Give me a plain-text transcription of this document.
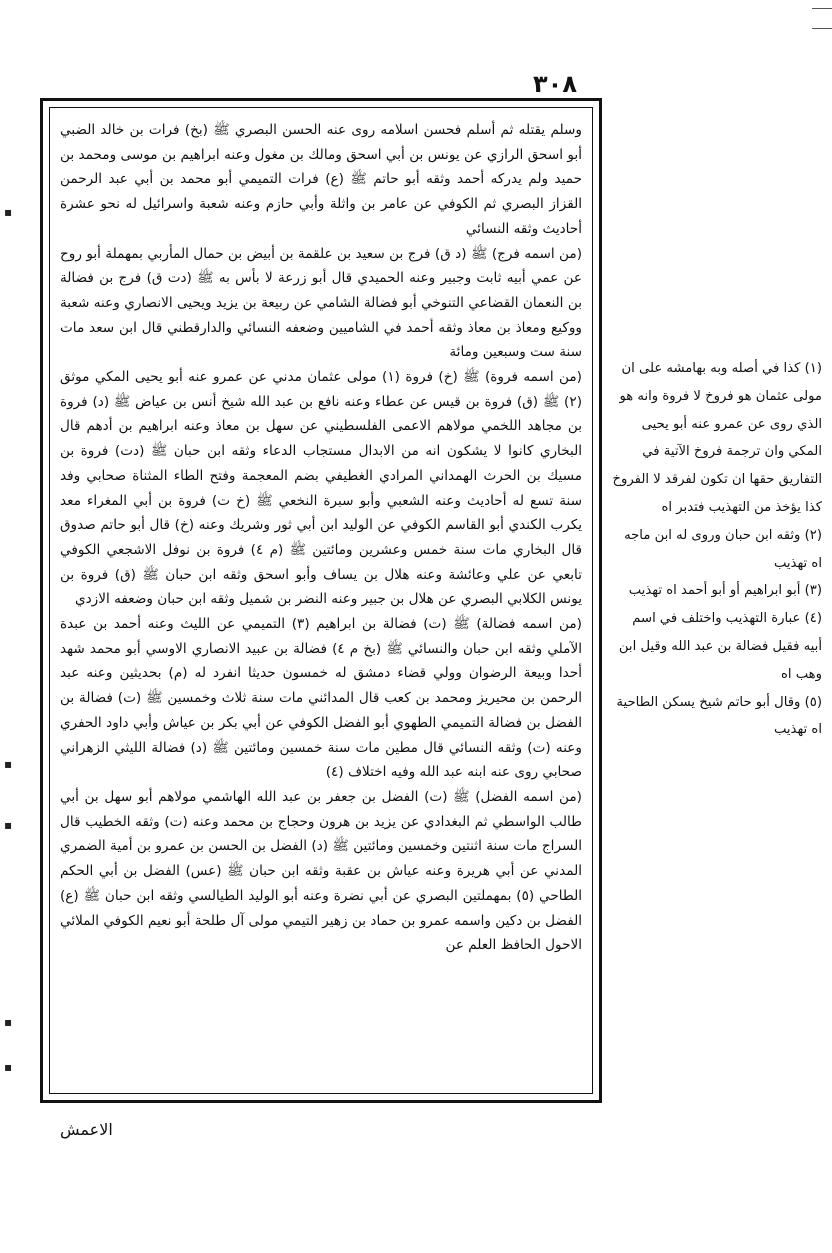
٣٠٨

وسلم يقتله ثم أسلم فحسن اسلامه روى عنه الحسن البصري ﷺ (بخ) فرات بن خالد الضبي أبو اسحق الرازي عن يونس بن أبي اسحق ومالك بن مغول وعنه ابراهيم بن موسى ومحمد بن حميد ولم يدركه أحمد وثقه أبو حاتم ﷺ (ع) فرات التميمي أبو محمد بن أبي عبد الرحمن القزاز البصري ثم الكوفي عن عامر بن واثلة وأبي حازم وعنه شعبة واسرائيل له نحو عشرة أحاديث وثقه النسائي

(من اسمه فرج) ﷺ (د ق) فرج بن سعيد بن علقمة بن أبيض بن حمال المأربي بمهملة أبو روح عن عمي أبيه ثابت وجبير وعنه الحميدي قال أبو زرعة لا بأس به ﷺ (دت ق) فرج بن فضالة بن النعمان القضاعي التنوخي أبو فضالة الشامي عن ربيعة بن يزيد ويحيى الانصاري وعنه شعبة ووكيع ومعاذ بن معاذ وثقه أحمد في الشاميين وضعفه النسائي والدارقطني قال ابن سعد مات سنة ست وسبعين ومائة

(من اسمه فروة) ﷺ (خ) فروة (١) مولى عثمان مدني عن عمرو عنه أبو يحيى المكي موثق (٢) ﷺ (ق) فروة بن قيس عن عطاء وعنه نافع بن عبد الله شيخ أنس بن عياض ﷺ (د) فروة بن مجاهد اللخمي مولاهم الاعمى الفلسطيني عن سهل بن معاذ وعنه ابراهيم بن أدهم قال البخاري كانوا لا يشكون انه من الابدال مستجاب الدعاء وثقه ابن حبان ﷺ (دت) فروة بن مسيك بن الحرث الهمداني المرادي الغطيفي بضم المعجمة وفتح الطاء المثناة صحابي وفد سنة تسع له أحاديث وعنه الشعبي وأبو سبرة النخعي ﷺ (خ ت) فروة بن أبي المغراء معد يكرب الكندي أبو القاسم الكوفي عن الوليد ابن أبي ثور وشريك وعنه (خ) قال أبو حاتم صدوق قال البخاري مات سنة خمس وعشرين ومائتين ﷺ (م ٤) فروة بن نوفل الاشجعي الكوفي تابعي عن علي وعائشة وعنه هلال بن يساف وأبو اسحق وثقه ابن حبان ﷺ (ق) فروة بن يونس الكلابي البصري عن هلال بن جبير وعنه النضر بن شميل وثقه ابن حبان وضعفه الازدي

(من اسمه فضالة) ﷺ (ت) فضالة بن ابراهيم (٣) التميمي عن الليث وعنه أحمد بن عبدة الآملي وثقه ابن حبان والنسائي ﷺ (بخ م ٤) فضالة بن عبيد الانصاري الاوسي أبو محمد شهد أحدا وبيعة الرضوان وولي قضاء دمشق له خمسون حديثا انفرد له (م) بحديثين وعنه عبد الرحمن بن محيريز ومحمد بن كعب قال المدائني مات سنة ثلاث وخمسين ﷺ (ت) فضالة بن الفضل بن فضالة التميمي الطهوي أبو الفضل الكوفي عن أبي بكر بن عياش وأبي داود الحفري وعنه (ت) وثقه النسائي قال مطين مات سنة خمسين ومائتين ﷺ (د) فضالة الليثي الزهراني صحابي روى عنه ابنه عبد الله وفيه اختلاف (٤)

(من اسمه الفضل) ﷺ (ت) الفضل بن جعفر بن عبد الله الهاشمي مولاهم أبو سهل بن أبي طالب الواسطي ثم البغدادي عن يزيد بن هرون وحجاج بن محمد وعنه (ت) وثقه الخطيب قال السراج مات سنة اثنتين وخمسين ومائتين ﷺ (د) الفضل بن الحسن بن عمرو بن أمية الضمري المدني عن أبي هريرة وعنه عياش بن عقبة وثقه ابن حبان ﷺ (عس) الفضل بن أبي الحكم الطاحي (٥) بمهملتين البصري عن أبي نضرة وعنه أبو الوليد الطيالسي وثقه ابن حبان ﷺ (ع) الفضل بن دكين واسمه عمرو بن حماد بن زهير التيمي مولى آل طلحة أبو نعيم الكوفي الملائي الاحول الحافظ العلم عن

(١) كذا في أصله وبه بهامشه على ان مولى عثمان هو فروخ لا فروة وانه هو الذي روى عن عمرو عنه أبو يحيى المكي وان ترجمة فروخ الآتية في التفاريق حقها ان تكون لفرقد لا الفروخ كذا يؤخذ من التهذيب فتدبر اه

(٢) وثقه ابن حبان وروى له ابن ماجه اه تهذيب

(٣) أبو ابراهيم أو أبو أحمد اه تهذيب

(٤) عبارة التهذيب واختلف في اسم أبيه فقيل فضالة بن عبد الله وقيل ابن وهب اه

(٥) وقال أبو حاتم شيخ يسكن الطاحية اه تهذيب

الاعمش
▪
▪
▪
▪
▪
